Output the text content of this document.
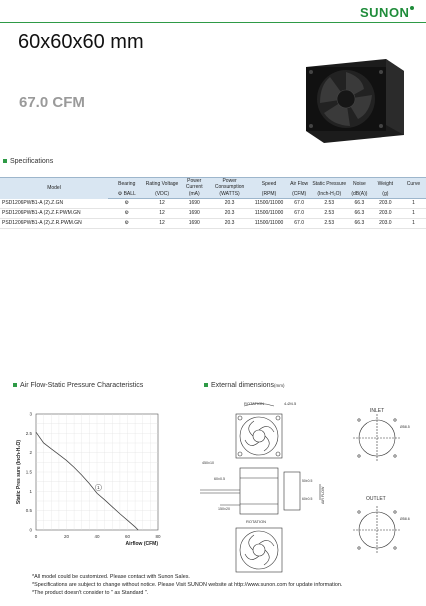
SUNON
60x60x60 mm
67.0 CFM
Specifications
Model	Bearing	Rating Voltage	Power Current	Power Consumption	Speed	Air Flow	Static Pressure	Noise	Weight	Curve
	⚙ BALL	(VDC)	(mA)	(WATTS)	(RPM)	(CFM)	(Inch-H₂O)	(dB(A))	(g)	
PSD1206PWB1-A (2).Z.GN	⚙	12	1690	20.3	11500/11000	67.0	2.53	66.3	203.0	1
PSD1206PWB1-A (2).Z.F.PWM.GN	⚙	12	1690	20.3	11500/11000	67.0	2.53	66.3	203.0	1
PSD1206PWB1-A (2).Z.R.PWM.GN	⚙	12	1690	20.3	11500/11000	67.0	2.53	66.3	203.0	1
Air Flow-Static Pressure Characteristics
0
0.5
1
1.5
2
2.5
3
0	20	40	60	80
1
Static Pres sure (Inch-H₂O)
Airflow (CFM)
External dimensions(mm)
ROTATION	4-Ø4.5
450±10
60±0.5
150±20
50±0.5
60±0.5 AIR FLOW
ROTATION
INLET
Ø58.5
OUTLET
Ø58.6
*All model could be customized. Please contact with Sunon Sales.
*Specifications are subject to change without notice. Please Visit SUNON website at http://www.sunon.com for update information.
*The product doesn't consider to " as Standard ".
